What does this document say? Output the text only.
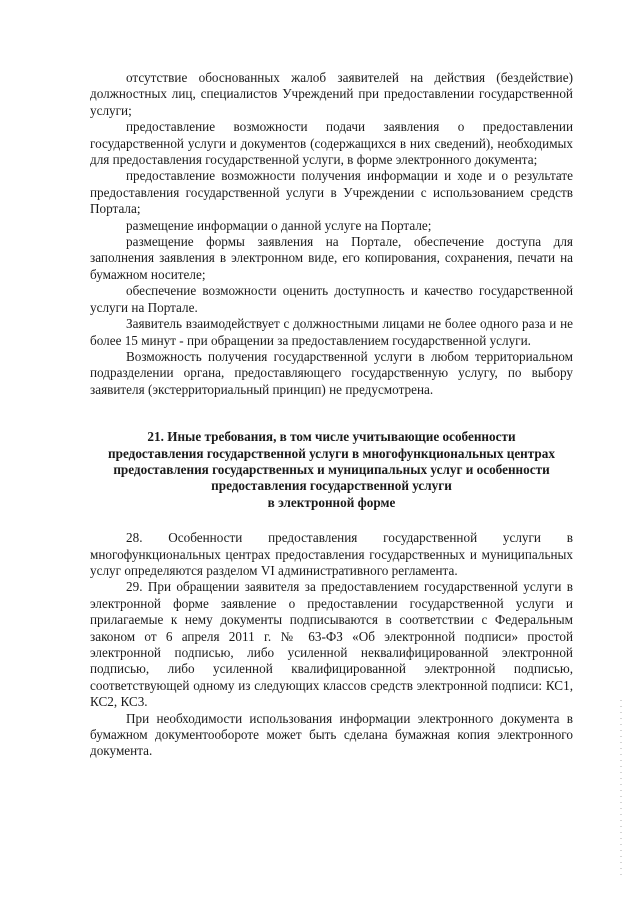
отсутствие обоснованных жалоб заявителей на действия (бездействие) должностных лиц, специалистов Учреждений при предоставлении государственной услуги;

предоставление возможности подачи заявления о предоставлении государственной услуги и документов (содержащихся в них сведений), необходимых для предоставления государственной услуги, в форме электронного документа;

предоставление возможности получения информации и ходе и о результате предоставления государственной услуги в Учреждении с использованием средств Портала;

размещение информации о данной услуге на Портале;

размещение формы заявления на Портале, обеспечение доступа для заполнения заявления в электронном виде, его копирования, сохранения, печати на бумажном носителе;

обеспечение возможности оценить доступность и качество государственной услуги на Портале.

Заявитель взаимодействует с должностными лицами не более одного раза и не более 15 минут - при обращении за предоставлением государственной услуги.

Возможность получения государственной услуги в любом территориальном подразделении органа, предоставляющего государственную услугу, по выбору заявителя (экстерриториальный принцип) не предусмотрена.

21. Иные требования, в том числе учитывающие особенности
предоставления государственной услуги в многофункциональных центрах
предоставления государственных и муниципальных услуг и особенности
предоставления государственной услуги
в электронной форме

28. Особенности предоставления государственной услуги в многофункциональных центрах предоставления государственных и муниципальных услуг определяются разделом VI административного регламента.

29. При обращении заявителя за предоставлением государственной услуги в электронной форме заявление о предоставлении государственной услуги и прилагаемые к нему документы подписываются в соответствии с Федеральным законом от 6 апреля 2011 г. № 63-ФЗ «Об электронной подписи» простой электронной подписью, либо усиленной неквалифицированной электронной подписью, либо усиленной квалифицированной электронной подписью, соответствующей одному из следующих классов средств электронной подписи: КС1, КС2, КС3.

При необходимости использования информации электронного документа в бумажном документообороте может быть сделана бумажная копия электронного документа.
